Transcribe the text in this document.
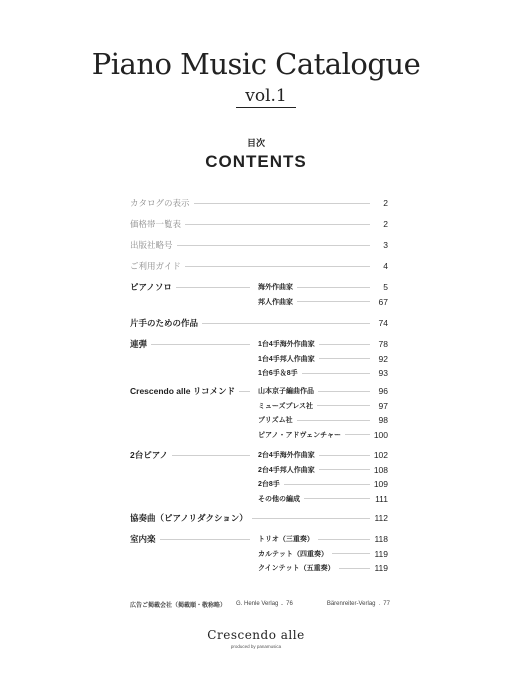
Piano Music Catalogue
vol.1
目次
CONTENTS
カタログの表示	2
価格帯一覧表	2
出版社略号	3
ご利用ガイド	4
ピアノソロ	海外作曲家	5
邦人作曲家	67
片手のための作品	74
連弾	1台4手海外作曲家	78
1台4手邦人作曲家	92
1台6手＆8手	93
Crescendo alle リコメンド	山本京子編曲作品	96
ミューズプレス社	97
プリズム社	98
ピアノ・アドヴェンチャー	100
2台ピアノ	2台4手海外作曲家	102
2台4手邦人作曲家	108
2台8手	109
その他の編成	111
協奏曲（ピアノリダクション）	112
室内楽	トリオ（三重奏）	118
カルテット（四重奏）	119
クインテット（五重奏）	119
広告ご掲載会社（掲載順・敬称略） G. Henle Verlag 76	Bärenreiter-Verlag 77
Crescendo alle
produced by panamusica
